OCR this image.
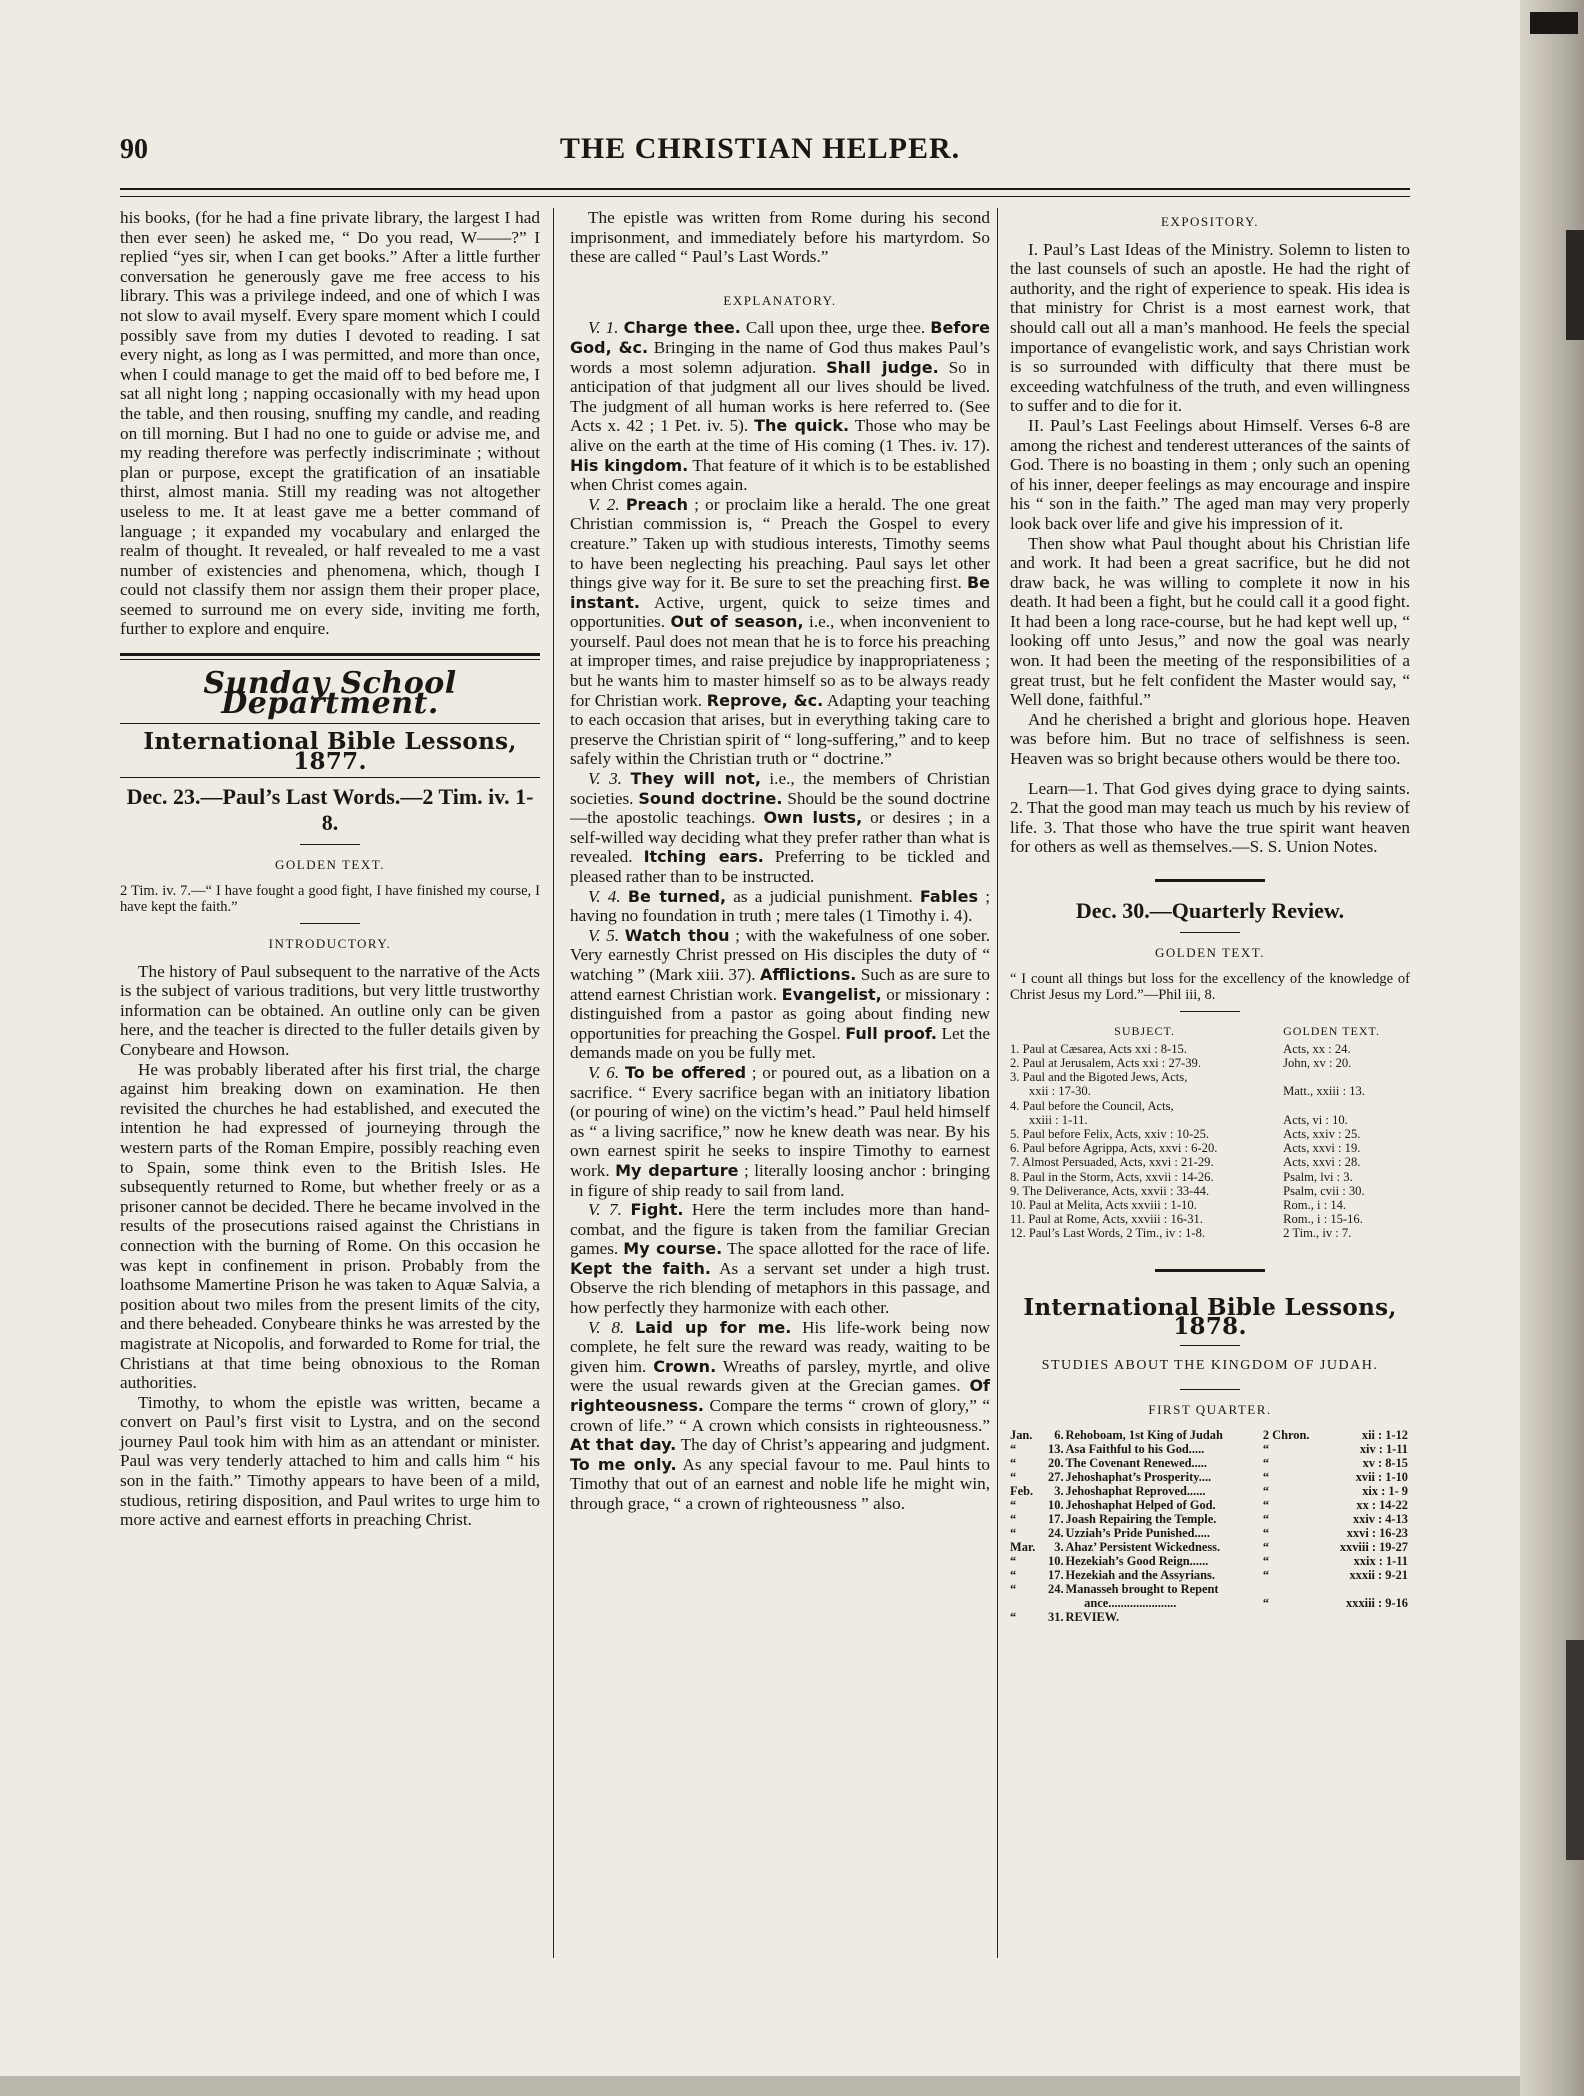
90	THE CHRISTIAN HELPER.

his books, (for he had a fine private library, the largest I had then ever seen) he asked me, “ Do you read, W——?” I replied “yes sir, when I can get books.” After a little further conversation he generously gave me free access to his library. This was a privilege indeed, and one of which I was not slow to avail myself. Every spare moment which I could possibly save from my duties I devoted to reading. I sat every night, as long as I was permitted, and more than once, when I could manage to get the maid off to bed before me, I sat all night long ; napping occasionally with my head upon the table, and then rousing, snuffing my candle, and reading on till morning. But I had no one to guide or advise me, and my reading therefore was perfectly indiscriminate ; without plan or purpose, except the gratification of an insatiable thirst, almost mania. Still my reading was not altogether useless to me. It at least gave me a better command of language ; it expanded my vocabulary and enlarged the realm of thought. It revealed, or half revealed to me a vast number of existencies and phenomena, which, though I could not classify them nor assign them their proper place, seemed to surround me on every side, inviting me forth, further to explore and enquire.

Sunday School Department.
International Bible Lessons, 1877.
Dec. 23.—Paul’s Last Words.—2 Tim. iv. 1-8.
GOLDEN TEXT.

2 Tim. iv. 7.—“ I have fought a good fight, I have finished my course, I have kept the faith.”

INTRODUCTORY.

The history of Paul subsequent to the narrative of the Acts is the subject of various traditions, but very little trustworthy information can be obtained. An outline only can be given here, and the teacher is directed to the fuller details given by Conybeare and Howson.

He was probably liberated after his first trial, the charge against him breaking down on examination. He then revisited the churches he had established, and executed the intention he had expressed of journeying through the western parts of the Roman Empire, possibly reaching even to Spain, some think even to the British Isles. He subsequently returned to Rome, but whether freely or as a prisoner cannot be decided. There he became involved in the results of the prosecutions raised against the Christians in connection with the burning of Rome. On this occasion he was kept in confinement in prison. Probably from the loathsome Mamertine Prison he was taken to Aquæ Salvia, a position about two miles from the present limits of the city, and there beheaded. Conybeare thinks he was arrested by the magistrate at Nicopolis, and forwarded to Rome for trial, the Christians at that time being obnoxious to the Roman authorities.

Timothy, to whom the epistle was written, became a convert on Paul’s first visit to Lystra, and on the second journey Paul took him with him as an attendant or minister. Paul was very tenderly attached to him and calls him “ his son in the faith.” Timothy appears to have been of a mild, studious, retiring disposition, and Paul writes to urge him to more active and earnest efforts in preaching Christ.

The epistle was written from Rome during his second imprisonment, and immediately before his martyrdom. So these are called “ Paul’s Last Words.”

EXPLANATORY.

V. 1. Charge thee. Call upon thee, urge thee. Before God, &c. Bringing in the name of God thus makes Paul’s words a most solemn adjuration. Shall judge. So in anticipation of that judgment all our lives should be lived. The judgment of all human works is here referred to. (See Acts x. 42 ; 1 Pet. iv. 5). The quick. Those who may be alive on the earth at the time of His coming (1 Thes. iv. 17). His kingdom. That feature of it which is to be established when Christ comes again.

V. 2. Preach ; or proclaim like a herald. The one great Christian commission is, “ Preach the Gospel to every creature.” Taken up with studious interests, Timothy seems to have been neglecting his preaching. Paul says let other things give way for it. Be sure to set the preaching first. Be instant. Active, urgent, quick to seize times and opportunities. Out of season, i.e., when inconvenient to yourself. Paul does not mean that he is to force his preaching at improper times, and raise prejudice by inappropriateness ; but he wants him to master himself so as to be always ready for Christian work. Reprove, &c. Adapting your teaching to each occasion that arises, but in everything taking care to preserve the Christian spirit of “ long-suffering,” and to keep safely within the Christian truth or “ doctrine.”

V. 3. They will not, i.e., the members of Christian societies. Sound doctrine. Should be the sound doctrine—the apostolic teachings. Own lusts, or desires ; in a self-willed way deciding what they prefer rather than what is revealed. Itching ears. Preferring to be tickled and pleased rather than to be instructed.

V. 4. Be turned, as a judicial punishment. Fables ; having no foundation in truth ; mere tales (1 Timothy i. 4).

V. 5. Watch thou ; with the wakefulness of one sober. Very earnestly Christ pressed on His disciples the duty of “ watching ” (Mark xiii. 37). Afflictions. Such as are sure to attend earnest Christian work. Evangelist, or missionary : distinguished from a pastor as going about finding new opportunities for preaching the Gospel. Full proof. Let the demands made on you be fully met.

V. 6. To be offered ; or poured out, as a libation on a sacrifice. “ Every sacrifice began with an initiatory libation (or pouring of wine) on the victim’s head.” Paul held himself as “ a living sacrifice,” now he knew death was near. By his own earnest spirit he seeks to inspire Timothy to earnest work. My departure ; literally loosing anchor : bringing in figure of ship ready to sail from land.

V. 7. Fight. Here the term includes more than hand-combat, and the figure is taken from the familiar Grecian games. My course. The space allotted for the race of life. Kept the faith. As a servant set under a high trust. Observe the rich blending of metaphors in this passage, and how perfectly they harmonize with each other.

V. 8. Laid up for me. His life-work being now complete, he felt sure the reward was ready, waiting to be given him. Crown. Wreaths of parsley, myrtle, and olive were the usual rewards given at the Grecian games. Of righteousness. Compare the terms “ crown of glory,” “ crown of life.” “ A crown which consists in righteousness.” At that day. The day of Christ’s appearing and judgment. To me only. As any special favour to me. Paul hints to Timothy that out of an earnest and noble life he might win, through grace, “ a crown of righteousness ” also.

EXPOSITORY.

I. Paul’s Last Ideas of the Ministry. Solemn to listen to the last counsels of such an apostle. He had the right of authority, and the right of experience to speak. His idea is that ministry for Christ is a most earnest work, that should call out all a man’s manhood. He feels the special importance of evangelistic work, and says Christian work is so surrounded with difficulty that there must be exceeding watchfulness of the truth, and even willingness to suffer and to die for it.

II. Paul’s Last Feelings about Himself. Verses 6-8 are among the richest and tenderest utterances of the saints of God. There is no boasting in them ; only such an opening of his inner, deeper feelings as may encourage and inspire his “ son in the faith.” The aged man may very properly look back over life and give his impression of it.

Then show what Paul thought about his Christian life and work. It had been a great sacrifice, but he did not draw back, he was willing to complete it now in his death. It had been a fight, but he could call it a good fight. It had been a long race-course, but he had kept well up, “ looking off unto Jesus,” and now the goal was nearly won. It had been the meeting of the responsibilities of a great trust, but he felt confident the Master would say, “ Well done, faithful.”

And he cherished a bright and glorious hope. Heaven was before him. But no trace of selfishness is seen. Heaven was so bright because others would be there too.

Learn—1. That God gives dying grace to dying saints. 2. That the good man may teach us much by his review of life. 3. That those who have the true spirit want heaven for others as well as themselves.—S. S. Union Notes.

Dec. 30.—Quarterly Review.
GOLDEN TEXT.

“ I count all things but loss for the excellency of the knowledge of Christ Jesus my Lord.”—Phil iii, 8.

SUBJECT.	GOLDEN TEXT.
1. Paul at Cæsarea, Acts xxi : 8-15.	Acts, xx : 24.
2. Paul at Jerusalem, Acts xxi : 27-39.	John, xv : 20.
3. Paul and the Bigoted Jews, Acts,	
xxii : 17-30.	Matt., xxiii : 13.
4. Paul before the Council, Acts,	
xxiii : 1-11.	Acts, vi : 10.
5. Paul before Felix, Acts, xxiv : 10-25.	Acts, xxiv : 25.
6. Paul before Agrippa, Acts, xxvi : 6-20.	Acts, xxvi : 19.
7. Almost Persuaded, Acts, xxvi : 21-29.	Acts, xxvi : 28.
8. Paul in the Storm, Acts, xxvii : 14-26.	Psalm, lvi : 3.
9. The Deliverance, Acts, xxvii : 33-44.	Psalm, cvii : 30.
10. Paul at Melita, Acts xxviii : 1-10.	Rom., i : 14.
11. Paul at Rome, Acts, xxviii : 16-31.	Rom., i : 15-16.
12. Paul’s Last Words, 2 Tim., iv : 1-8.	2 Tim., iv : 7.
International Bible Lessons, 1878.
STUDIES ABOUT THE KINGDOM OF JUDAH.
FIRST QUARTER.
Jan.	6.	Rehoboam, 1st King of Judah	2 Chron.	xii : 1-12
“	13.	Asa Faithful to his God.....	“	xiv : 1-11
“	20.	The Covenant Renewed.....	“	xv : 8-15
“	27.	Jehoshaphat’s Prosperity....	“	xvii : 1-10
Feb.	3.	Jehoshaphat Reproved......	“	xix : 1- 9
“	10.	Jehoshaphat Helped of God.	“	xx : 14-22
“	17.	Joash Repairing the Temple.	“	xxiv : 4-13
“	24.	Uzziah’s Pride Punished.....	“	xxvi : 16-23
Mar.	3.	Ahaz’ Persistent Wickedness.	“	xxviii : 19-27
“	10.	Hezekiah’s Good Reign......	“	xxix : 1-11
“	17.	Hezekiah and the Assyrians.	“	xxxii : 9-21
“	24.	Manasseh brought to Repent		
		ance......................	“	xxxiii : 9-16
“	31.	REVIEW.		
